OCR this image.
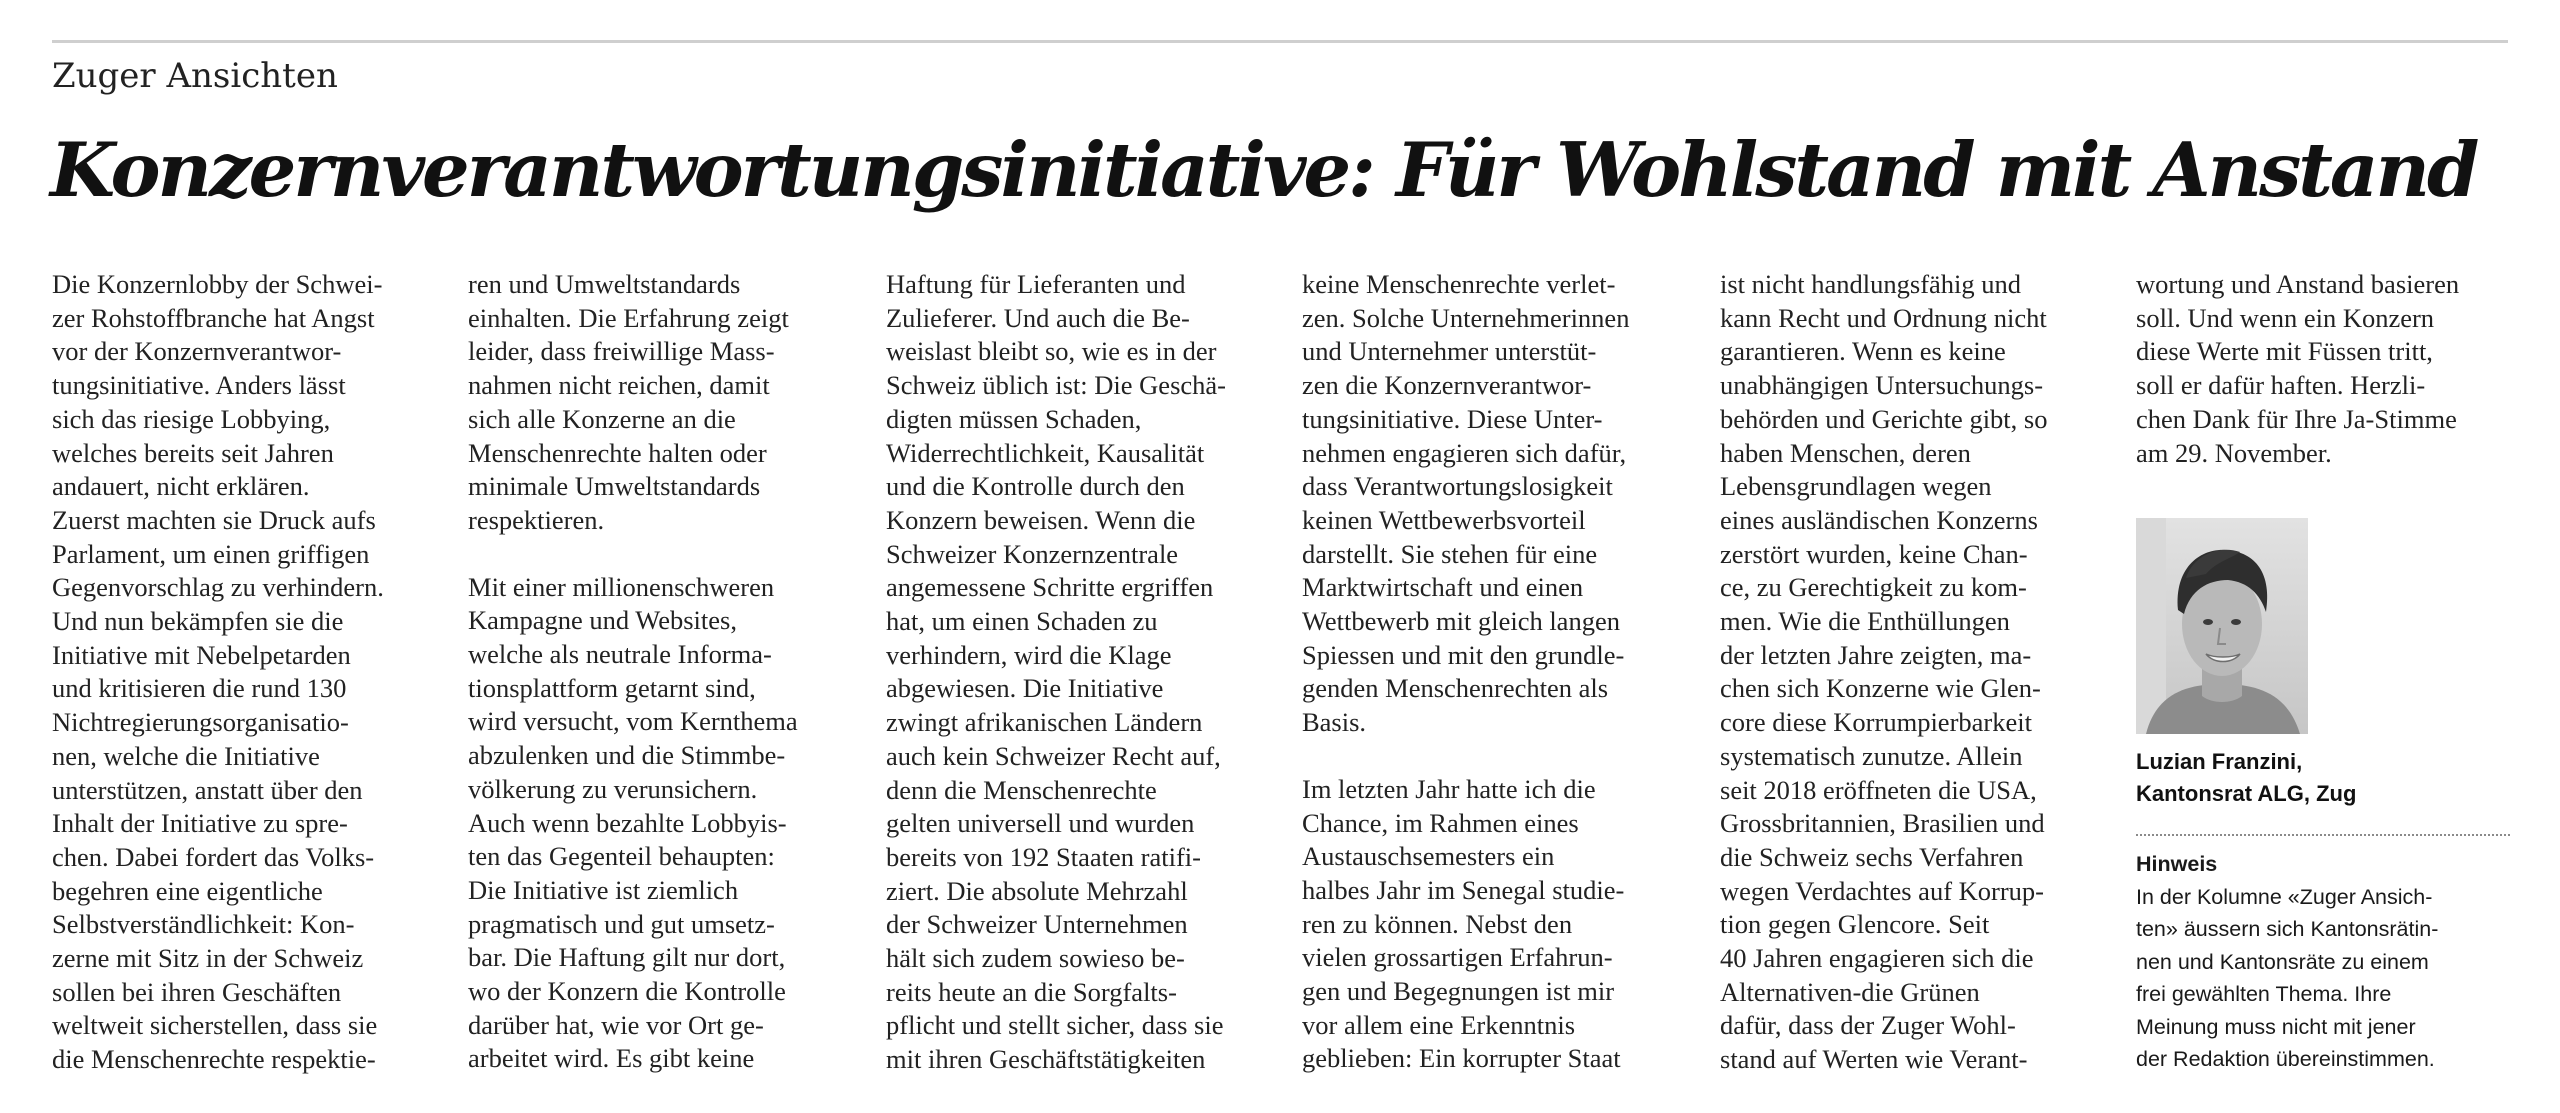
Zuger Ansichten
Konzernverantwortungsinitiative: Für Wohlstand mit Anstand

Die Konzernlobby der Schwei-
zer Rohstoffbranche hat Angst
vor der Konzernverantwor-
tungsinitiative. Anders lässt
sich das riesige Lobbying,
welches bereits seit Jahren
andauert, nicht erklären.
Zuerst machten sie Druck aufs
Parlament, um einen griffigen
Gegenvorschlag zu verhindern.
Und nun bekämpfen sie die
Initiative mit Nebelpetarden
und kritisieren die rund 130
Nichtregierungsorganisatio-
nen, welche die Initiative
unterstützen, anstatt über den
Inhalt der Initiative zu spre-
chen. Dabei fordert das Volks-
begehren eine eigentliche
Selbstverständlichkeit: Kon-
zerne mit Sitz in der Schweiz
sollen bei ihren Geschäften
weltweit sicherstellen, dass sie
die Menschenrechte respektie-

ren und Umweltstandards
einhalten. Die Erfahrung zeigt
leider, dass freiwillige Mass-
nahmen nicht reichen, damit
sich alle Konzerne an die
Menschenrechte halten oder
minimale Umweltstandards
respektieren.

Mit einer millionenschweren
Kampagne und Websites,
welche als neutrale Informa-
tionsplattform getarnt sind,
wird versucht, vom Kernthema
abzulenken und die Stimmbe-
völkerung zu verunsichern.
Auch wenn bezahlte Lobbyis-
ten das Gegenteil behaupten:
Die Initiative ist ziemlich
pragmatisch und gut umsetz-
bar. Die Haftung gilt nur dort,
wo der Konzern die Kontrolle
darüber hat, wie vor Ort ge-
arbeitet wird. Es gibt keine

Haftung für Lieferanten und
Zulieferer. Und auch die Be-
weislast bleibt so, wie es in der
Schweiz üblich ist: Die Geschä-
digten müssen Schaden,
Widerrechtlichkeit, Kausalität
und die Kontrolle durch den
Konzern beweisen. Wenn die
Schweizer Konzernzentrale
angemessene Schritte ergriffen
hat, um einen Schaden zu
verhindern, wird die Klage
abgewiesen. Die Initiative
zwingt afrikanischen Ländern
auch kein Schweizer Recht auf,
denn die Menschenrechte
gelten universell und wurden
bereits von 192 Staaten ratifi-
ziert. Die absolute Mehrzahl
der Schweizer Unternehmen
hält sich zudem sowieso be-
reits heute an die Sorgfalts-
pflicht und stellt sicher, dass sie
mit ihren Geschäftstätigkeiten

keine Menschenrechte verlet-
zen. Solche Unternehmerinnen
und Unternehmer unterstüt-
zen die Konzernverantwor-
tungsinitiative. Diese Unter-
nehmen engagieren sich dafür,
dass Verantwortungslosigkeit
keinen Wettbewerbsvorteil
darstellt. Sie stehen für eine
Marktwirtschaft und einen
Wettbewerb mit gleich langen
Spiessen und mit den grundle-
genden Menschenrechten als
Basis.

Im letzten Jahr hatte ich die
Chance, im Rahmen eines
Austauschsemesters ein
halbes Jahr im Senegal studie-
ren zu können. Nebst den
vielen grossartigen Erfahrun-
gen und Begegnungen ist mir
vor allem eine Erkenntnis
geblieben: Ein korrupter Staat

ist nicht handlungsfähig und
kann Recht und Ordnung nicht
garantieren. Wenn es keine
unabhängigen Untersuchungs-
behörden und Gerichte gibt, so
haben Menschen, deren
Lebensgrundlagen wegen
eines ausländischen Konzerns
zerstört wurden, keine Chan-
ce, zu Gerechtigkeit zu kom-
men. Wie die Enthüllungen
der letzten Jahre zeigten, ma-
chen sich Konzerne wie Glen-
core diese Korrumpierbarkeit
systematisch zunutze. Allein
seit 2018 eröffneten die USA,
Grossbritannien, Brasilien und
die Schweiz sechs Verfahren
wegen Verdachtes auf Korrup-
tion gegen Glencore. Seit
40 Jahren engagieren sich die
Alternativen-die Grünen
dafür, dass der Zuger Wohl-
stand auf Werten wie Verant-

wortung und Anstand basieren
soll. Und wenn ein Konzern
diese Werte mit Füssen tritt,
soll er dafür haften. Herzli-
chen Dank für Ihre Ja-Stimme
am 29. November.

Luzian Franzini,
Kantonsrat ALG, Zug
Hinweis
In der Kolumne «Zuger Ansich-
ten» äussern sich Kantonsrätin-
nen und Kantonsräte zu einem
frei gewählten Thema. Ihre
Meinung muss nicht mit jener
der Redaktion übereinstimmen.
